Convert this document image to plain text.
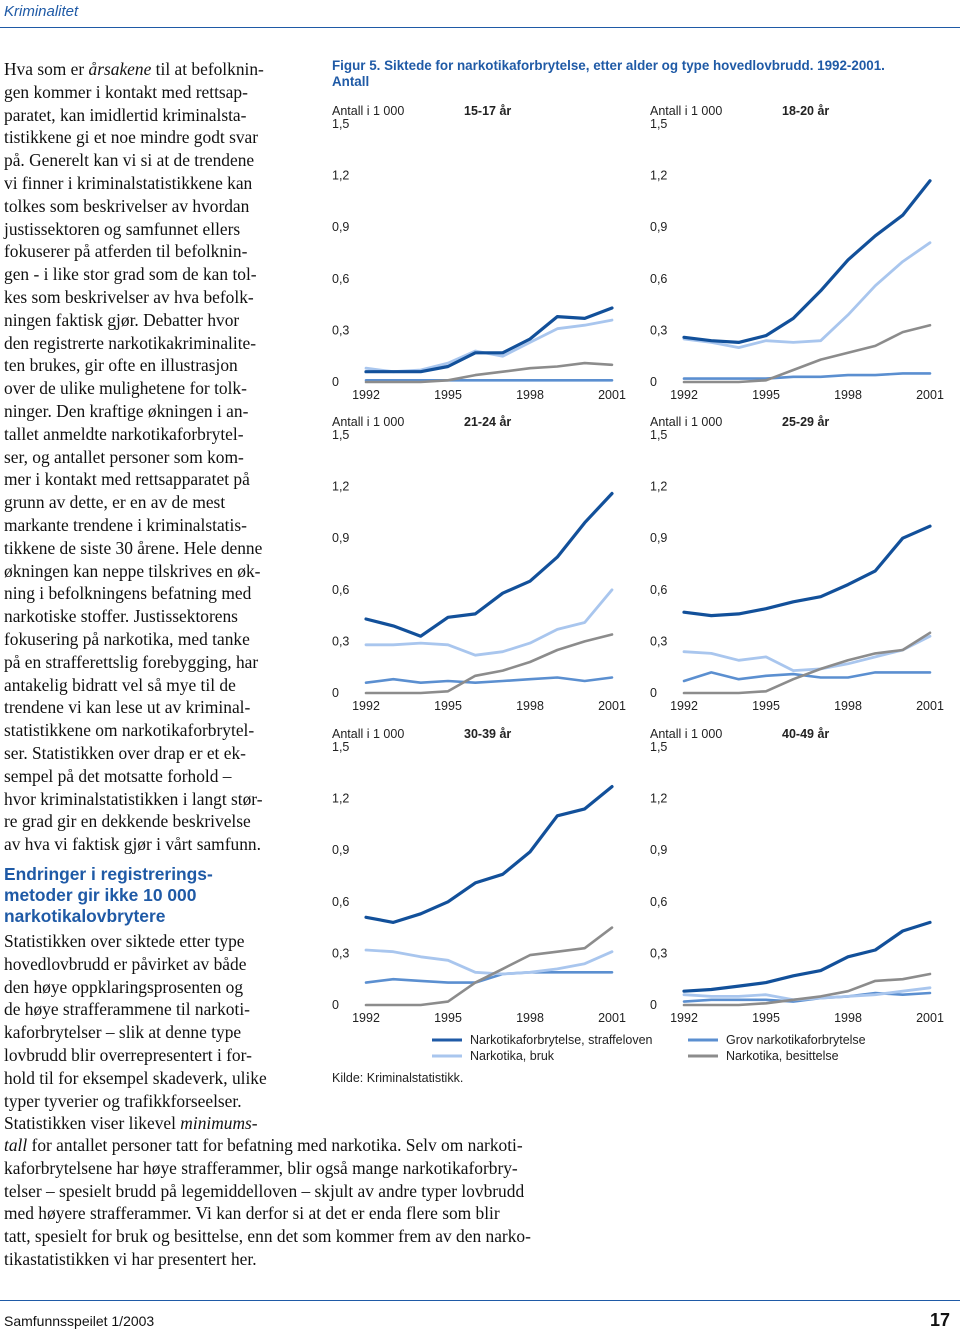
Kriminalitet
Hva som er årsakene til at befolknin-
gen kommer i kontakt med rettsap-
paratet, kan imidlertid kriminalsta-
tistikkene gi et noe mindre godt svar
på. Generelt kan vi si at de trendene
vi finner i kriminalstatistikkene kan
tolkes som beskrivelser av hvordan
justissektoren og samfunnet ellers
fokuserer på atferden til befolknin-
gen - i like stor grad som de kan tol-
kes som beskrivelser av hva befolk-
ningen faktisk gjør. Debatter hvor
den registrerte narkotikakriminalite-
ten brukes, gir ofte en illustrasjon
over de ulike mulighetene for tolk-
ninger. Den kraftige økningen i an-
tallet anmeldte narkotikaforbrytel-
ser, og antallet personer som kom-
mer i kontakt med rettsapparatet på
grunn av dette, er en av de mest
markante trendene i kriminalstatis-
tikkene de siste 30 årene. Hele denne
økningen kan neppe tilskrives en øk-
ning i befolkningens befatning med
narkotiske stoffer. Justissektorens
fokusering på narkotika, med tanke
på en strafferettslig forebygging, har
antakelig bidratt vel så mye til de
trendene vi kan lese ut av kriminal-
statistikkene om narkotikaforbrytel-
ser. Statistikken over drap er et ek-
sempel på det motsatte forhold –
hvor kriminalstatistikken i langt stør-
re grad gir en dekkende beskrivelse
av hva vi faktisk gjør i vårt samfunn.
Endringer i registrerings-
metoder gir ikke 10 000
narkotikalovbrytere
Statistikken over siktede etter type
hovedlovbrudd er påvirket av både
den høye oppklaringsprosenten og
de høye strafferammene til narkoti-
kaforbrytelser – slik at denne type
lovbrudd blir overrepresentert i for-
hold til for eksempel skadeverk, ulike
typer tyverier og trafikkforseelser.
Statistikken viser likevel minimums-
tall for antallet personer tatt for befatning med narkotika. Selv om narkoti-
kaforbrytelsene har høye strafferammer, blir også mange narkotikaforbry-
telser – spesielt brudd på legemiddelloven – skjult av andre typer lovbrudd
med høyere strafferammer. Vi kan derfor si at det er enda flere som blir
tatt, spesielt for bruk og besittelse, enn det som kommer frem av den narko-
tikastatistikken vi har presentert her.
Figur 5. Siktede for narkotikaforbrytelse, etter alder og type hovedlovbrudd. 1992-2001.
Antall
Antall i 1 000	15-17 år
0
0,3
0,6
0,9
1,2
1,5
1992	1995	1998	2001
Antall i 1 000	18-20 år
0
0,3
0,6
0,9
1,2
1,5
1992	1995	1998	2001
Antall i 1 000	21-24 år
0
0,3
0,6
0,9
1,2
1,5
1992	1995	1998	2001
Antall i 1 000	25-29 år
0
0,3
0,6
0,9
1,2
1,5
1992	1995	1998	2001
Antall i 1 000	30-39 år
0
0,3
0,6
0,9
1,2
1,5
1992	1995	1998	2001
Antall i 1 000	40-49 år
0
0,3
0,6
0,9
1,2
1,5
1992	1995	1998	2001
Narkotikaforbrytelse, straffeloven
Narkotika, bruk
Grov narkotikaforbrytelse
Narkotika, besittelse
Kilde: Kriminalstatistikk.
Samfunnsspeilet 1/2003	17
